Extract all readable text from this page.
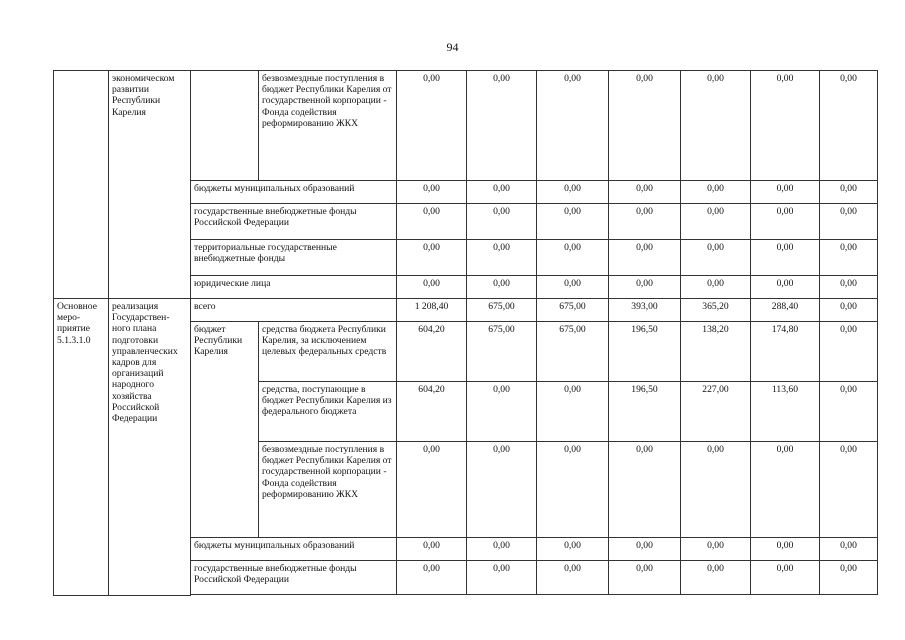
94
	экономическом развитии Республики Карелия		безвозмездные поступления в бюджет Республики Карелия от государственной корпорации - Фонда содействия реформированию ЖКХ	0,00	0,00	0,00	0,00	0,00	0,00	0,00
		бюджеты муниципальных образований		0,00	0,00	0,00	0,00	0,00	0,00	0,00
		государственные внебюджетные фонды Российской Федерации		0,00	0,00	0,00	0,00	0,00	0,00	0,00
		территориальные государственные внебюджетные фонды		0,00	0,00	0,00	0,00	0,00	0,00	0,00
		юридические лица		0,00	0,00	0,00	0,00	0,00	0,00	0,00
Основное меро-приятие 5.1.3.1.0	реализация Государствен-ного плана подготовки управленческих кадров для организаций народного хозяйства Российской Федерации	всего		1 208,40	675,00	675,00	393,00	365,20	288,40	0,00
		бюджет Республики Карелия	средства бюджета Республики Карелия, за исключением целевых федеральных средств	604,20	675,00	675,00	196,50	138,20	174,80	0,00
			средства, поступающие в бюджет Республики Карелия из федерального бюджета	604,20	0,00	0,00	196,50	227,00	113,60	0,00
			безвозмездные поступления в бюджет Республики Карелия от государственной корпорации - Фонда содействия реформированию ЖКХ	0,00	0,00	0,00	0,00	0,00	0,00	0,00
		бюджеты муниципальных образований		0,00	0,00	0,00	0,00	0,00	0,00	0,00
		государственные внебюджетные фонды Российской Федерации		0,00	0,00	0,00	0,00	0,00	0,00	0,00
